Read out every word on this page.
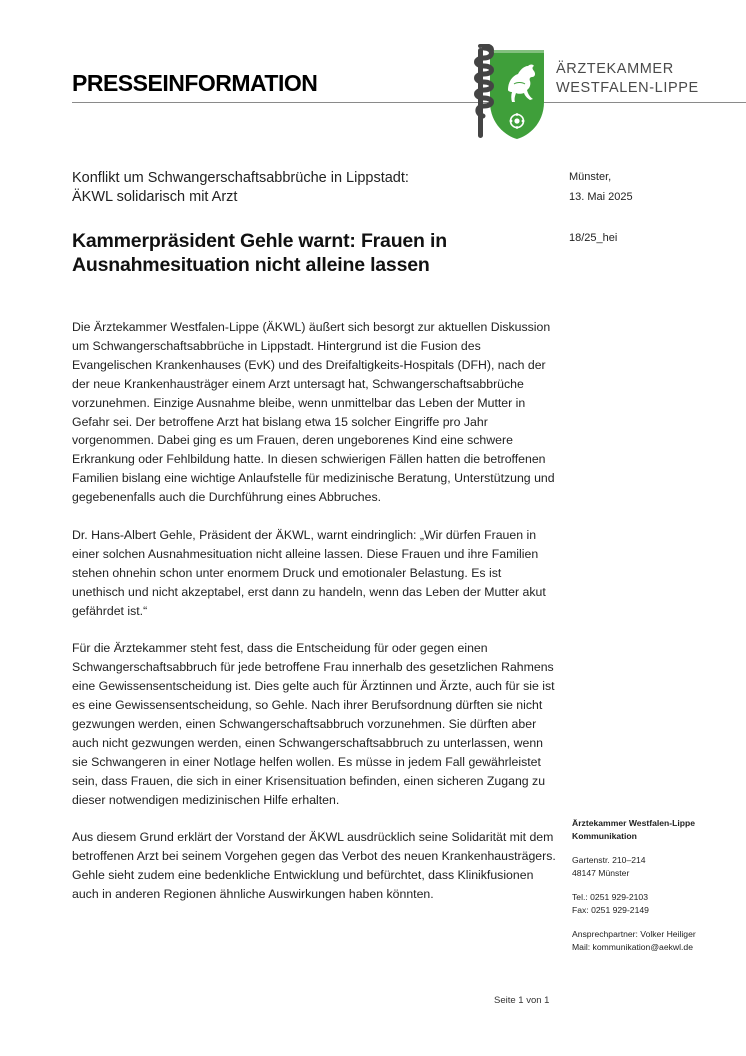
PRESSEINFORMATION
ÄRZTEKAMMER
WESTFALEN-LIPPE
Konflikt um Schwangerschaftsabbrüche in Lippstadt:
ÄKWL solidarisch mit Arzt
Kammerpräsident Gehle warnt: Frauen in
Ausnahmesituation nicht alleine lassen
Münster,
13. Mai 2025
18/25_hei

Die Ärztekammer Westfalen-Lippe (ÄKWL) äußert sich besorgt zur aktuellen Diskussion um Schwangerschaftsabbrüche in Lippstadt. Hintergrund ist die Fusion des Evangelischen Krankenhauses (EvK) und des Dreifaltigkeits-Hospitals (DFH), nach der der neue Krankenhausträger einem Arzt untersagt hat, Schwangerschaftsabbrüche vorzunehmen. Einzige Ausnahme bleibe, wenn unmittelbar das Leben der Mutter in Gefahr sei. Der betroffene Arzt hat bislang etwa 15 solcher Eingriffe pro Jahr vorgenommen. Dabei ging es um Frauen, deren ungeborenes Kind eine schwere Erkrankung oder Fehlbildung hatte. In diesen schwierigen Fällen hatten die betroffenen Familien bislang eine wichtige Anlaufstelle für medizinische Beratung, Unterstützung und gegebenenfalls auch die Durchführung eines Abbruches.

Dr. Hans-Albert Gehle, Präsident der ÄKWL, warnt eindringlich: „Wir dürfen Frauen in einer solchen Ausnahmesituation nicht alleine lassen. Diese Frauen und ihre Familien stehen ohnehin schon unter enormem Druck und emotionaler Belastung. Es ist unethisch und nicht akzeptabel, erst dann zu handeln, wenn das Leben der Mutter akut gefährdet ist.“

Für die Ärztekammer steht fest, dass die Entscheidung für oder gegen einen Schwangerschaftsabbruch für jede betroffene Frau innerhalb des gesetzlichen Rahmens eine Gewissensentscheidung ist. Dies gelte auch für Ärztinnen und Ärzte, auch für sie ist es eine Gewissensentscheidung, so Gehle. Nach ihrer Berufsordnung dürften sie nicht gezwungen werden, einen Schwangerschaftsabbruch vorzunehmen. Sie dürften aber auch nicht gezwungen werden, einen Schwangerschaftsabbruch zu unterlassen, wenn sie Schwangeren in einer Notlage helfen wollen. Es müsse in jedem Fall gewährleistet sein, dass Frauen, die sich in einer Krisensituation befinden, einen sicheren Zugang zu dieser notwendigen medizinischen Hilfe erhalten.

Aus diesem Grund erklärt der Vorstand der ÄKWL ausdrücklich seine Solidarität mit dem betroffenen Arzt bei seinem Vorgehen gegen das Verbot des neuen Krankenhausträgers. Gehle sieht zudem eine bedenkliche Entwicklung und befürchtet, dass Klinikfusionen auch in anderen Regionen ähnliche Auswirkungen haben könnten.

Ärztekammer Westfalen-Lippe
Kommunikation
Gartenstr. 210–214
48147 Münster
Tel.: 0251 929-2103
Fax: 0251 929-2149
Ansprechpartner: Volker Heiliger
Mail: kommunikation@aekwl.de
Seite 1 von 1
